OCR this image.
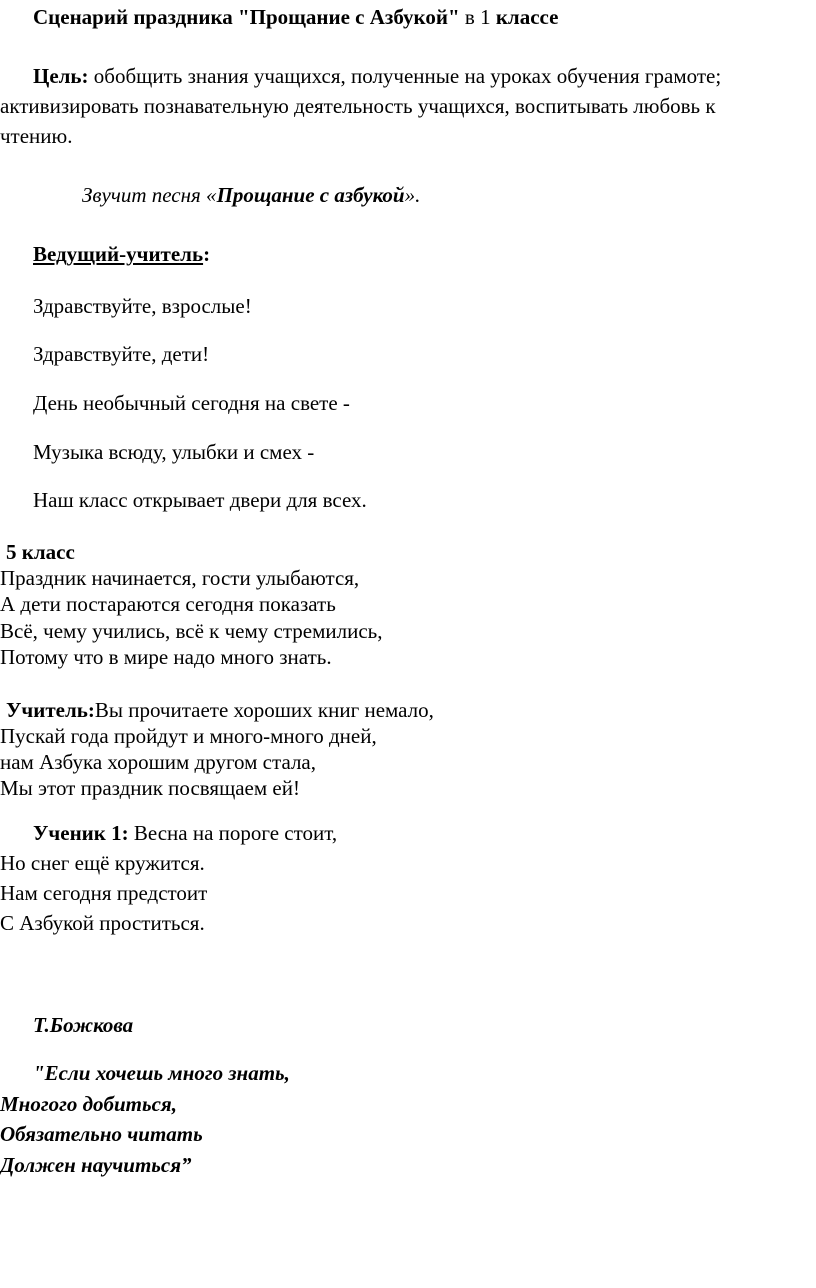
Сценарий праздника "Прощание с Азбукой" в 1 классе
Цель: обобщить знания учащихся, полученные на уроках обучения грамоте;
активизировать познавательную деятельность учащихся, воспитывать любовь к
чтению.
Звучит песня «Прощание с азбукой».
Ведущий-учитель:
Здравствуйте, взрослые!
Здравствуйте, дети!
День необычный сегодня на свете -
Музыка всюду, улыбки и смех -
Наш класс открывает двери для всех.
5 класс
Праздник начинается, гости улыбаются,
А дети постараются сегодня показать
Всё, чему учились, всё к чему стремились,
Потому что в мире надо много знать.
Учитель:Вы прочитаете хороших книг немало,
Пускай года пройдут и много-много дней,
нам Азбука хорошим другом стала,
Мы этот праздник посвящаем ей!
Ученик 1: Весна на пороге стоит,
Но снег ещё кружится.
Нам сегодня предстоит
С Азбукой проститься.
Т.Божкова
"Если хочешь много знать,
Многого добиться,
Обязательно читать
Должен научиться”
